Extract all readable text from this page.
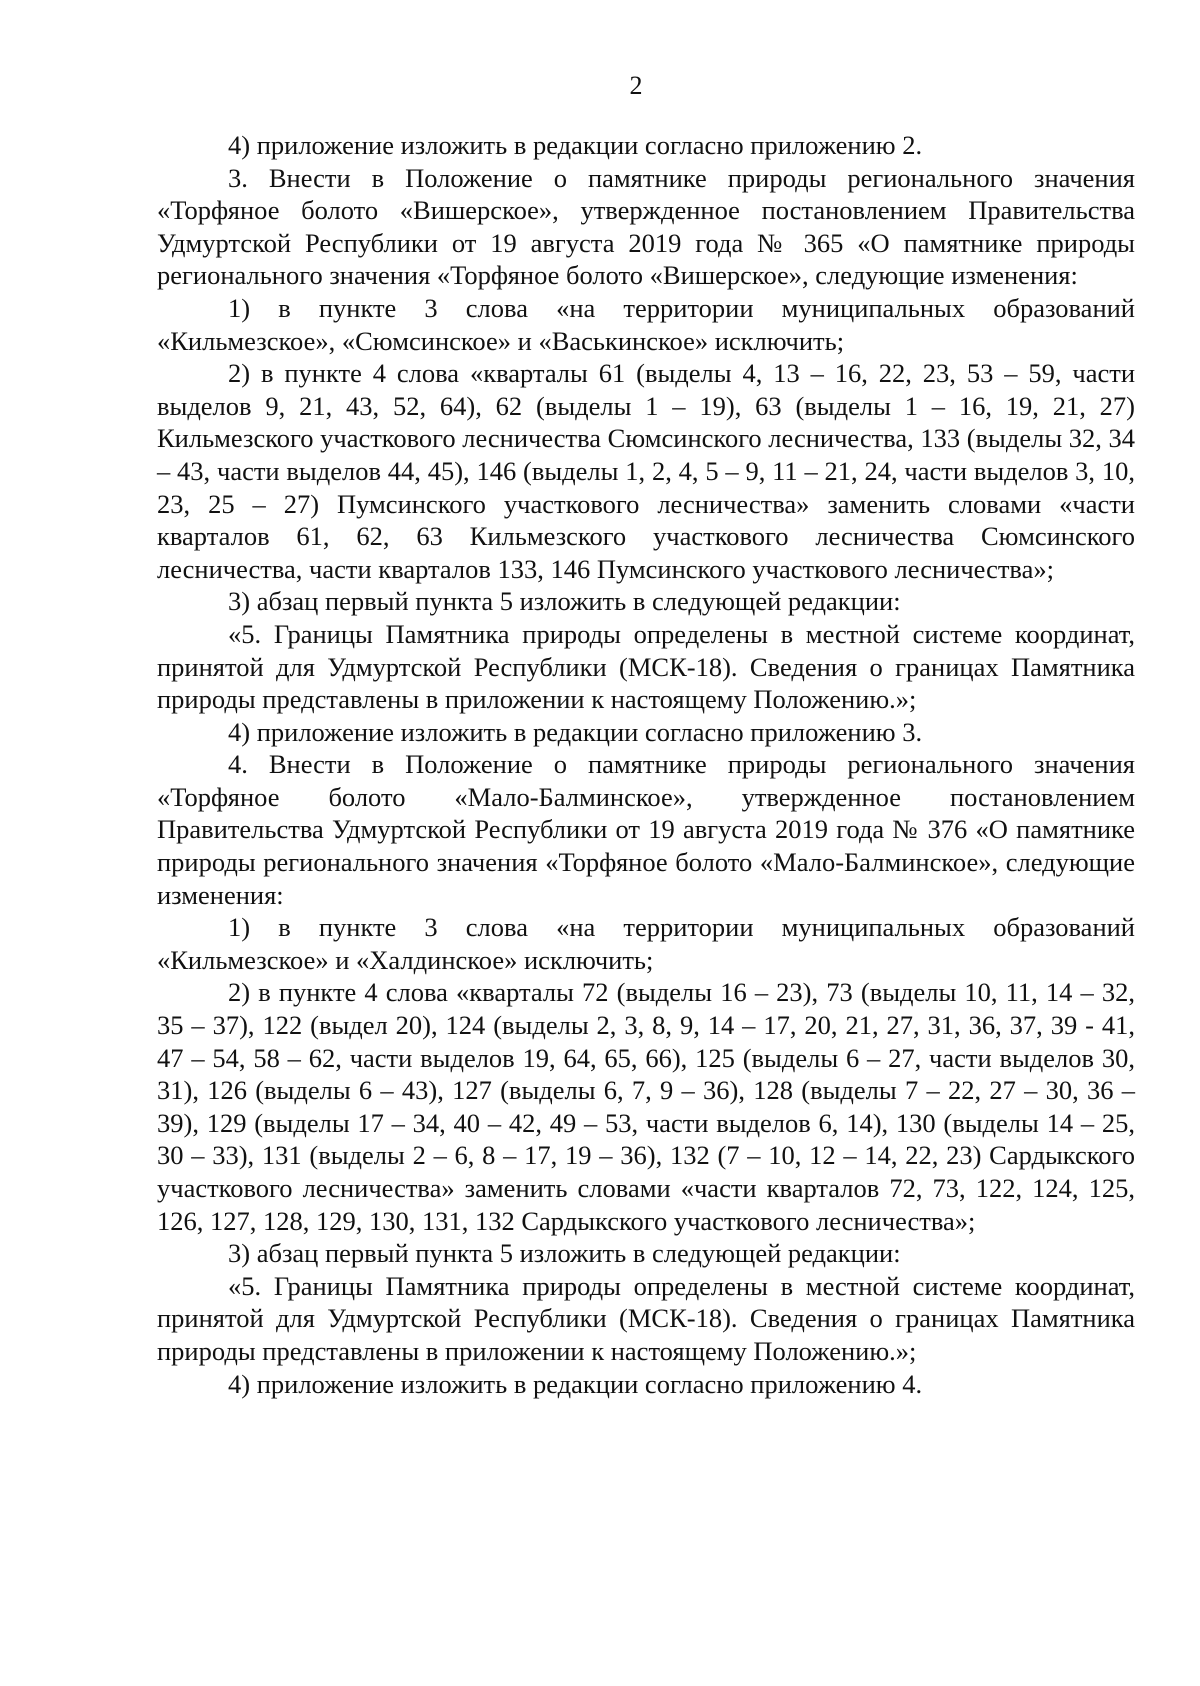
2

4) приложение изложить в редакции согласно приложению 2.

3. Внести в Положение о памятнике природы регионального значения «Торфяное болото «Вишерское», утвержденное постановлением Правительства Удмуртской Республики от 19 августа 2019 года № 365 «О памятнике природы регионального значения «Торфяное болото «Вишерское», следующие изменения:

1) в пункте 3 слова «на территории муниципальных образований «Кильмезское», «Сюмсинское» и «Васькинское» исключить;

2) в пункте 4 слова «кварталы 61 (выделы 4, 13 – 16, 22, 23, 53 – 59, части выделов 9, 21, 43, 52, 64), 62 (выделы 1 – 19), 63 (выделы 1 – 16, 19, 21, 27) Кильмезского участкового лесничества Сюмсинского лесничества, 133 (выделы 32, 34 – 43, части выделов 44, 45), 146 (выделы 1, 2, 4, 5 – 9, 11 – 21, 24, части выделов 3, 10, 23, 25 – 27) Пумсинского участкового лесничества» заменить словами «части кварталов 61, 62, 63 Кильмезского участкового лесничества Сюмсинского лесничества, части кварталов 133, 146 Пумсинского участкового лесничества»;

3) абзац первый пункта 5 изложить в следующей редакции:

«5. Границы Памятника природы определены в местной системе координат, принятой для Удмуртской Республики (МСК-18). Сведения о границах Памятника природы представлены в приложении к настоящему Положению.»;

4) приложение изложить в редакции согласно приложению 3.

4. Внести в Положение о памятнике природы регионального значения «Торфяное болото «Мало-Балминское», утвержденное постановлением Правительства Удмуртской Республики от 19 августа 2019 года № 376 «О памятнике природы регионального значения «Торфяное болото «Мало-Балминское», следующие изменения:

1) в пункте 3 слова «на территории муниципальных образований «Кильмезское» и «Халдинское» исключить;

2) в пункте 4 слова «кварталы 72 (выделы 16 – 23), 73 (выделы 10, 11, 14 – 32, 35 – 37), 122 (выдел 20), 124 (выделы 2, 3, 8, 9, 14 – 17, 20, 21, 27, 31, 36, 37, 39 - 41, 47 – 54, 58 – 62, части выделов 19, 64, 65, 66), 125 (выделы 6 – 27, части выделов 30, 31), 126 (выделы 6 – 43), 127 (выделы 6, 7, 9 – 36), 128 (выделы 7 – 22, 27 – 30, 36 – 39), 129 (выделы 17 – 34, 40 – 42, 49 – 53, части выделов 6, 14), 130 (выделы 14 – 25, 30 – 33), 131 (выделы 2 – 6, 8 – 17, 19 – 36), 132 (7 – 10, 12 – 14, 22, 23) Сардыкского участкового лесничества» заменить словами «части кварталов 72, 73, 122, 124, 125, 126, 127, 128, 129, 130, 131, 132 Сардыкского участкового лесничества»;

3) абзац первый пункта 5 изложить в следующей редакции:

«5. Границы Памятника природы определены в местной системе координат, принятой для Удмуртской Республики (МСК-18). Сведения о границах Памятника природы представлены в приложении к настоящему Положению.»;

4) приложение изложить в редакции согласно приложению 4.
